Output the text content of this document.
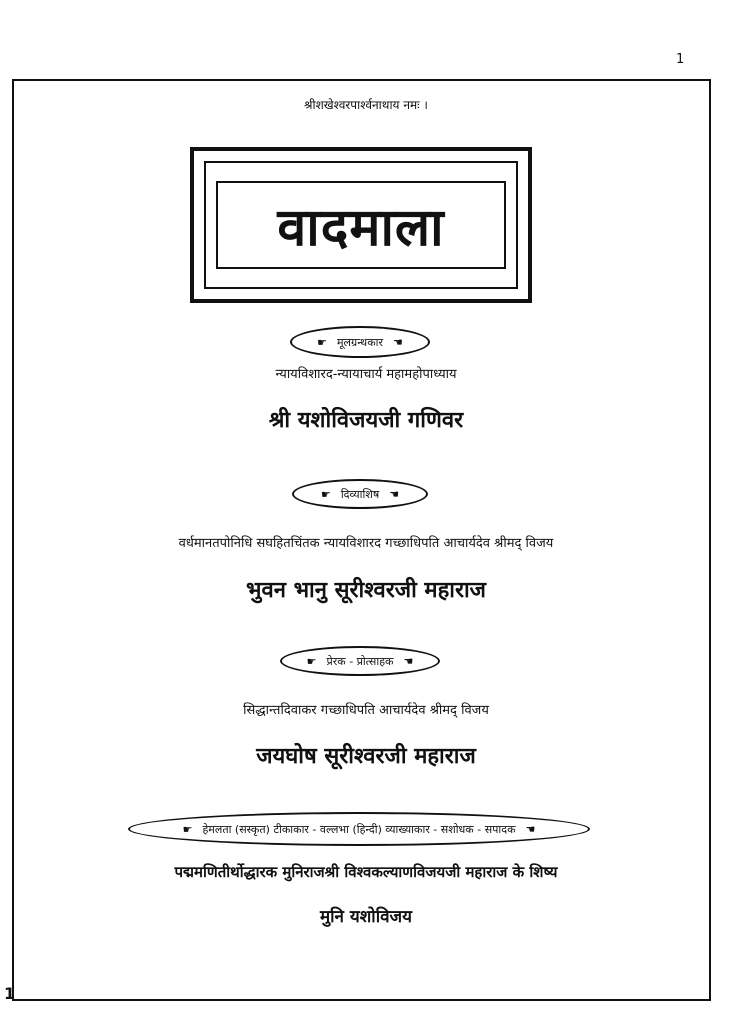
1
श्रीशखेश्वरपार्श्वनाथाय नमः ।
वादमाला
☛ मूलग्रन्थकार ☚
न्यायविशारद-न्यायाचार्य महामहोपाध्याय
श्री यशोविजयजी गणिवर
☛ दिव्याशिष ☚
वर्धमानतपोनिधि सघहितचिंतक न्यायविशारद गच्छाधिपति आचार्यदेव श्रीमद् विजय
भुवन भानु सूरीश्वरजी महाराज
☛ प्रेरक - प्रोत्साहक ☚
सिद्धान्तदिवाकर गच्छाधिपति आचार्यदेव श्रीमद् विजय
जयघोष सूरीश्वरजी महाराज
☛ हेमलता (सस्कृत) टीकाकार - वल्लभा (हिन्दी) व्याख्याकार - सशोधक - सपादक ☚
पद्ममणितीर्थोद्धारक मुनिराजश्री विश्वकल्याणविजयजी महाराज के शिष्य
मुनि यशोविजय
1
